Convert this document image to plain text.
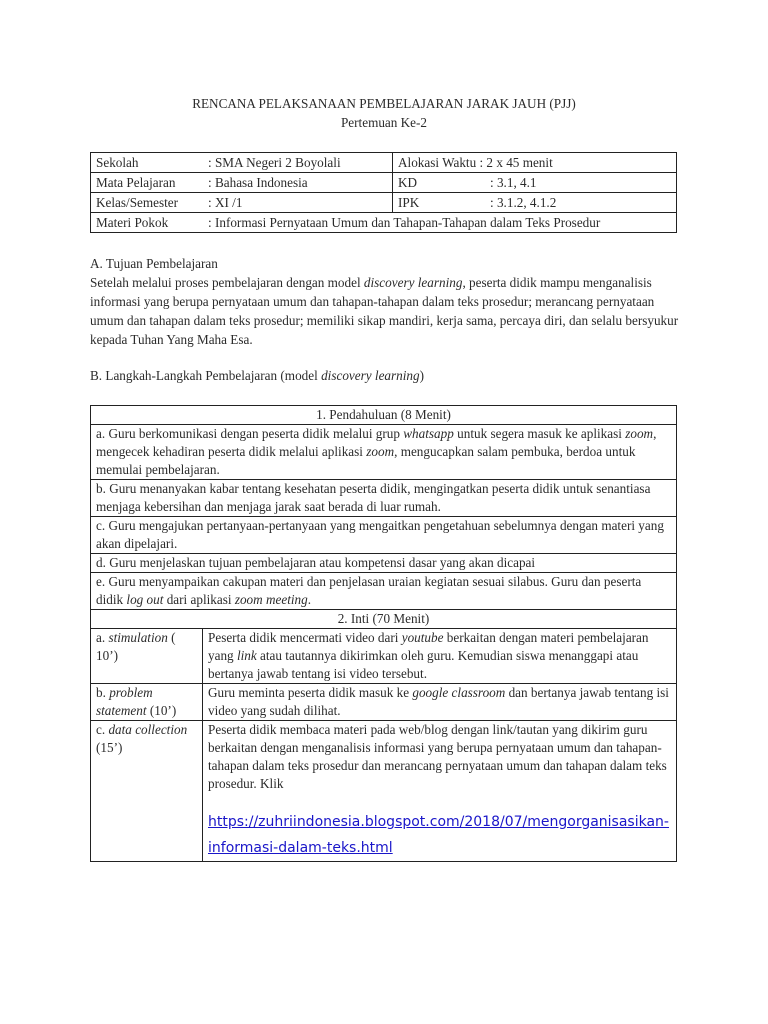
RENCANA PELAKSANAAN PEMBELAJARAN JARAK JAUH (PJJ)
Pertemuan Ke-2
Sekolah : SMA Negeri 2 Boyolali	Alokasi Waktu : 2 x 45 menit
Mata Pelajaran : Bahasa Indonesia	KD : 3.1, 4.1
Kelas/Semester : XI /1	IPK : 3.1.2, 4.1.2
Materi Pokok : Informasi Pernyataan Umum dan Tahapan-Tahapan dalam Teks Prosedur	
A. Tujuan Pembelajaran
Setelah melalui proses pembelajaran dengan model discovery learning, peserta didik mampu menganalisis informasi yang berupa pernyataan umum dan tahapan-tahapan dalam teks prosedur; merancang pernyataan umum dan tahapan dalam teks prosedur; memiliki sikap mandiri, kerja sama, percaya diri, dan selalu bersyukur kepada Tuhan Yang Maha Esa.
B. Langkah-Langkah Pembelajaran (model discovery learning)
1. Pendahuluan (8 Menit)	
a. Guru berkomunikasi dengan peserta didik melalui grup whatsapp untuk segera masuk ke aplikasi zoom, mengecek kehadiran peserta didik melalui aplikasi zoom, mengucapkan salam pembuka, berdoa untuk memulai pembelajaran.	
b. Guru menanyakan kabar tentang kesehatan peserta didik, mengingatkan peserta didik untuk senantiasa menjaga kebersihan dan menjaga jarak saat berada di luar rumah.	
c. Guru mengajukan pertanyaan-pertanyaan yang mengaitkan pengetahuan sebelumnya dengan materi yang akan dipelajari.	
d. Guru menjelaskan tujuan pembelajaran atau kompetensi dasar yang akan dicapai	
e. Guru menyampaikan cakupan materi dan penjelasan uraian kegiatan sesuai silabus. Guru dan peserta didik log out dari aplikasi zoom meeting.	
2. Inti (70 Menit)	
a. stimulation ( 10’)	Peserta didik mencermati video dari youtube berkaitan dengan materi pembelajaran yang link atau tautannya dikirimkan oleh guru. Kemudian siswa menanggapi atau bertanya jawab tentang isi video tersebut.
b. problem statement (10’)	Guru meminta peserta didik masuk ke google classroom dan bertanya jawab tentang isi video yang sudah dilihat.
c. data collection (15’)	Peserta didik membaca materi pada web/blog dengan link/tautan yang dikirim guru berkaitan dengan menganalisis informasi yang berupa pernyataan umum dan tahapan-tahapan dalam teks prosedur dan merancang pernyataan umum dan tahapan dalam teks prosedur. Klik
https://zuhriindonesia.blogspot.com/2018/07/mengorganisasikan-informasi-dalam-teks.html
